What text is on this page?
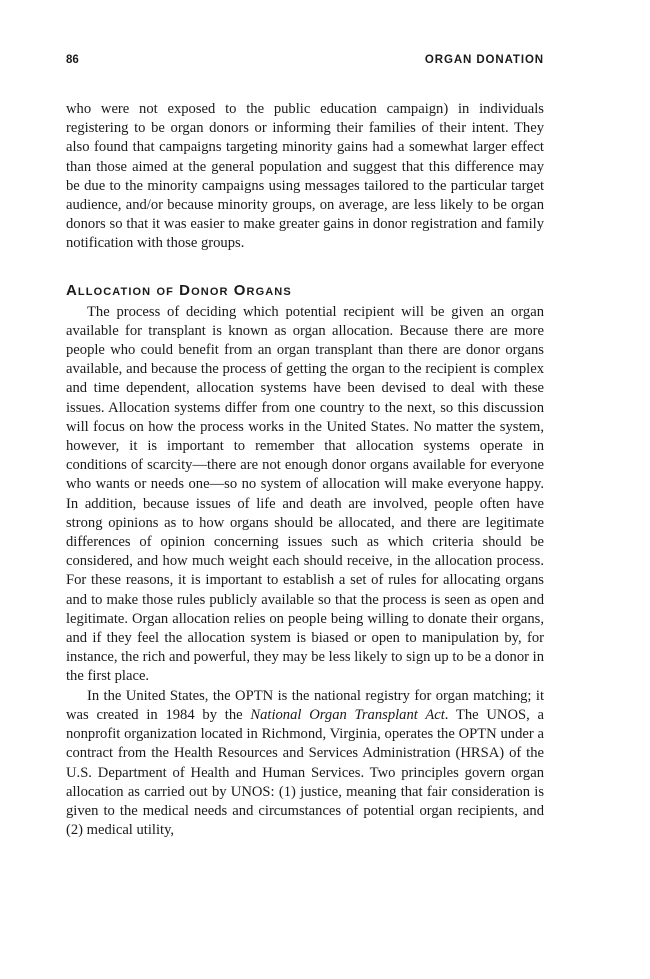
86	ORGAN DONATION

who were not exposed to the public education campaign) in individuals registering to be organ donors or informing their families of their intent. They also found that campaigns targeting minority gains had a somewhat larger effect than those aimed at the general population and suggest that this difference may be due to the minority campaigns using messages tailored to the particular target audience, and/or because minority groups, on average, are less likely to be organ donors so that it was easier to make greater gains in donor registration and family notification with those groups.

Allocation of Donor Organs

The process of deciding which potential recipient will be given an organ available for transplant is known as organ allocation. Because there are more people who could benefit from an organ transplant than there are donor organs available, and because the process of getting the organ to the recipient is complex and time dependent, allocation systems have been devised to deal with these issues. Allocation systems differ from one country to the next, so this discussion will focus on how the process works in the United States. No matter the system, however, it is important to remember that allocation systems operate in conditions of scarcity—there are not enough donor organs available for everyone who wants or needs one—so no system of allocation will make everyone happy. In addition, because issues of life and death are involved, people often have strong opinions as to how organs should be allocated, and there are legitimate differences of opinion concerning issues such as which criteria should be considered, and how much weight each should receive, in the allocation process. For these reasons, it is important to establish a set of rules for allocating organs and to make those rules publicly available so that the process is seen as open and legitimate. Organ allocation relies on people being willing to donate their organs, and if they feel the allocation system is biased or open to manipulation by, for instance, the rich and powerful, they may be less likely to sign up to be a donor in the first place.

In the United States, the OPTN is the national registry for organ matching; it was created in 1984 by the National Organ Transplant Act. The UNOS, a nonprofit organization located in Richmond, Virginia, operates the OPTN under a contract from the Health Resources and Services Administration (HRSA) of the U.S. Department of Health and Human Services. Two principles govern organ allocation as carried out by UNOS: (1) justice, meaning that fair consideration is given to the medical needs and circumstances of potential organ recipients, and (2) medical utility,
